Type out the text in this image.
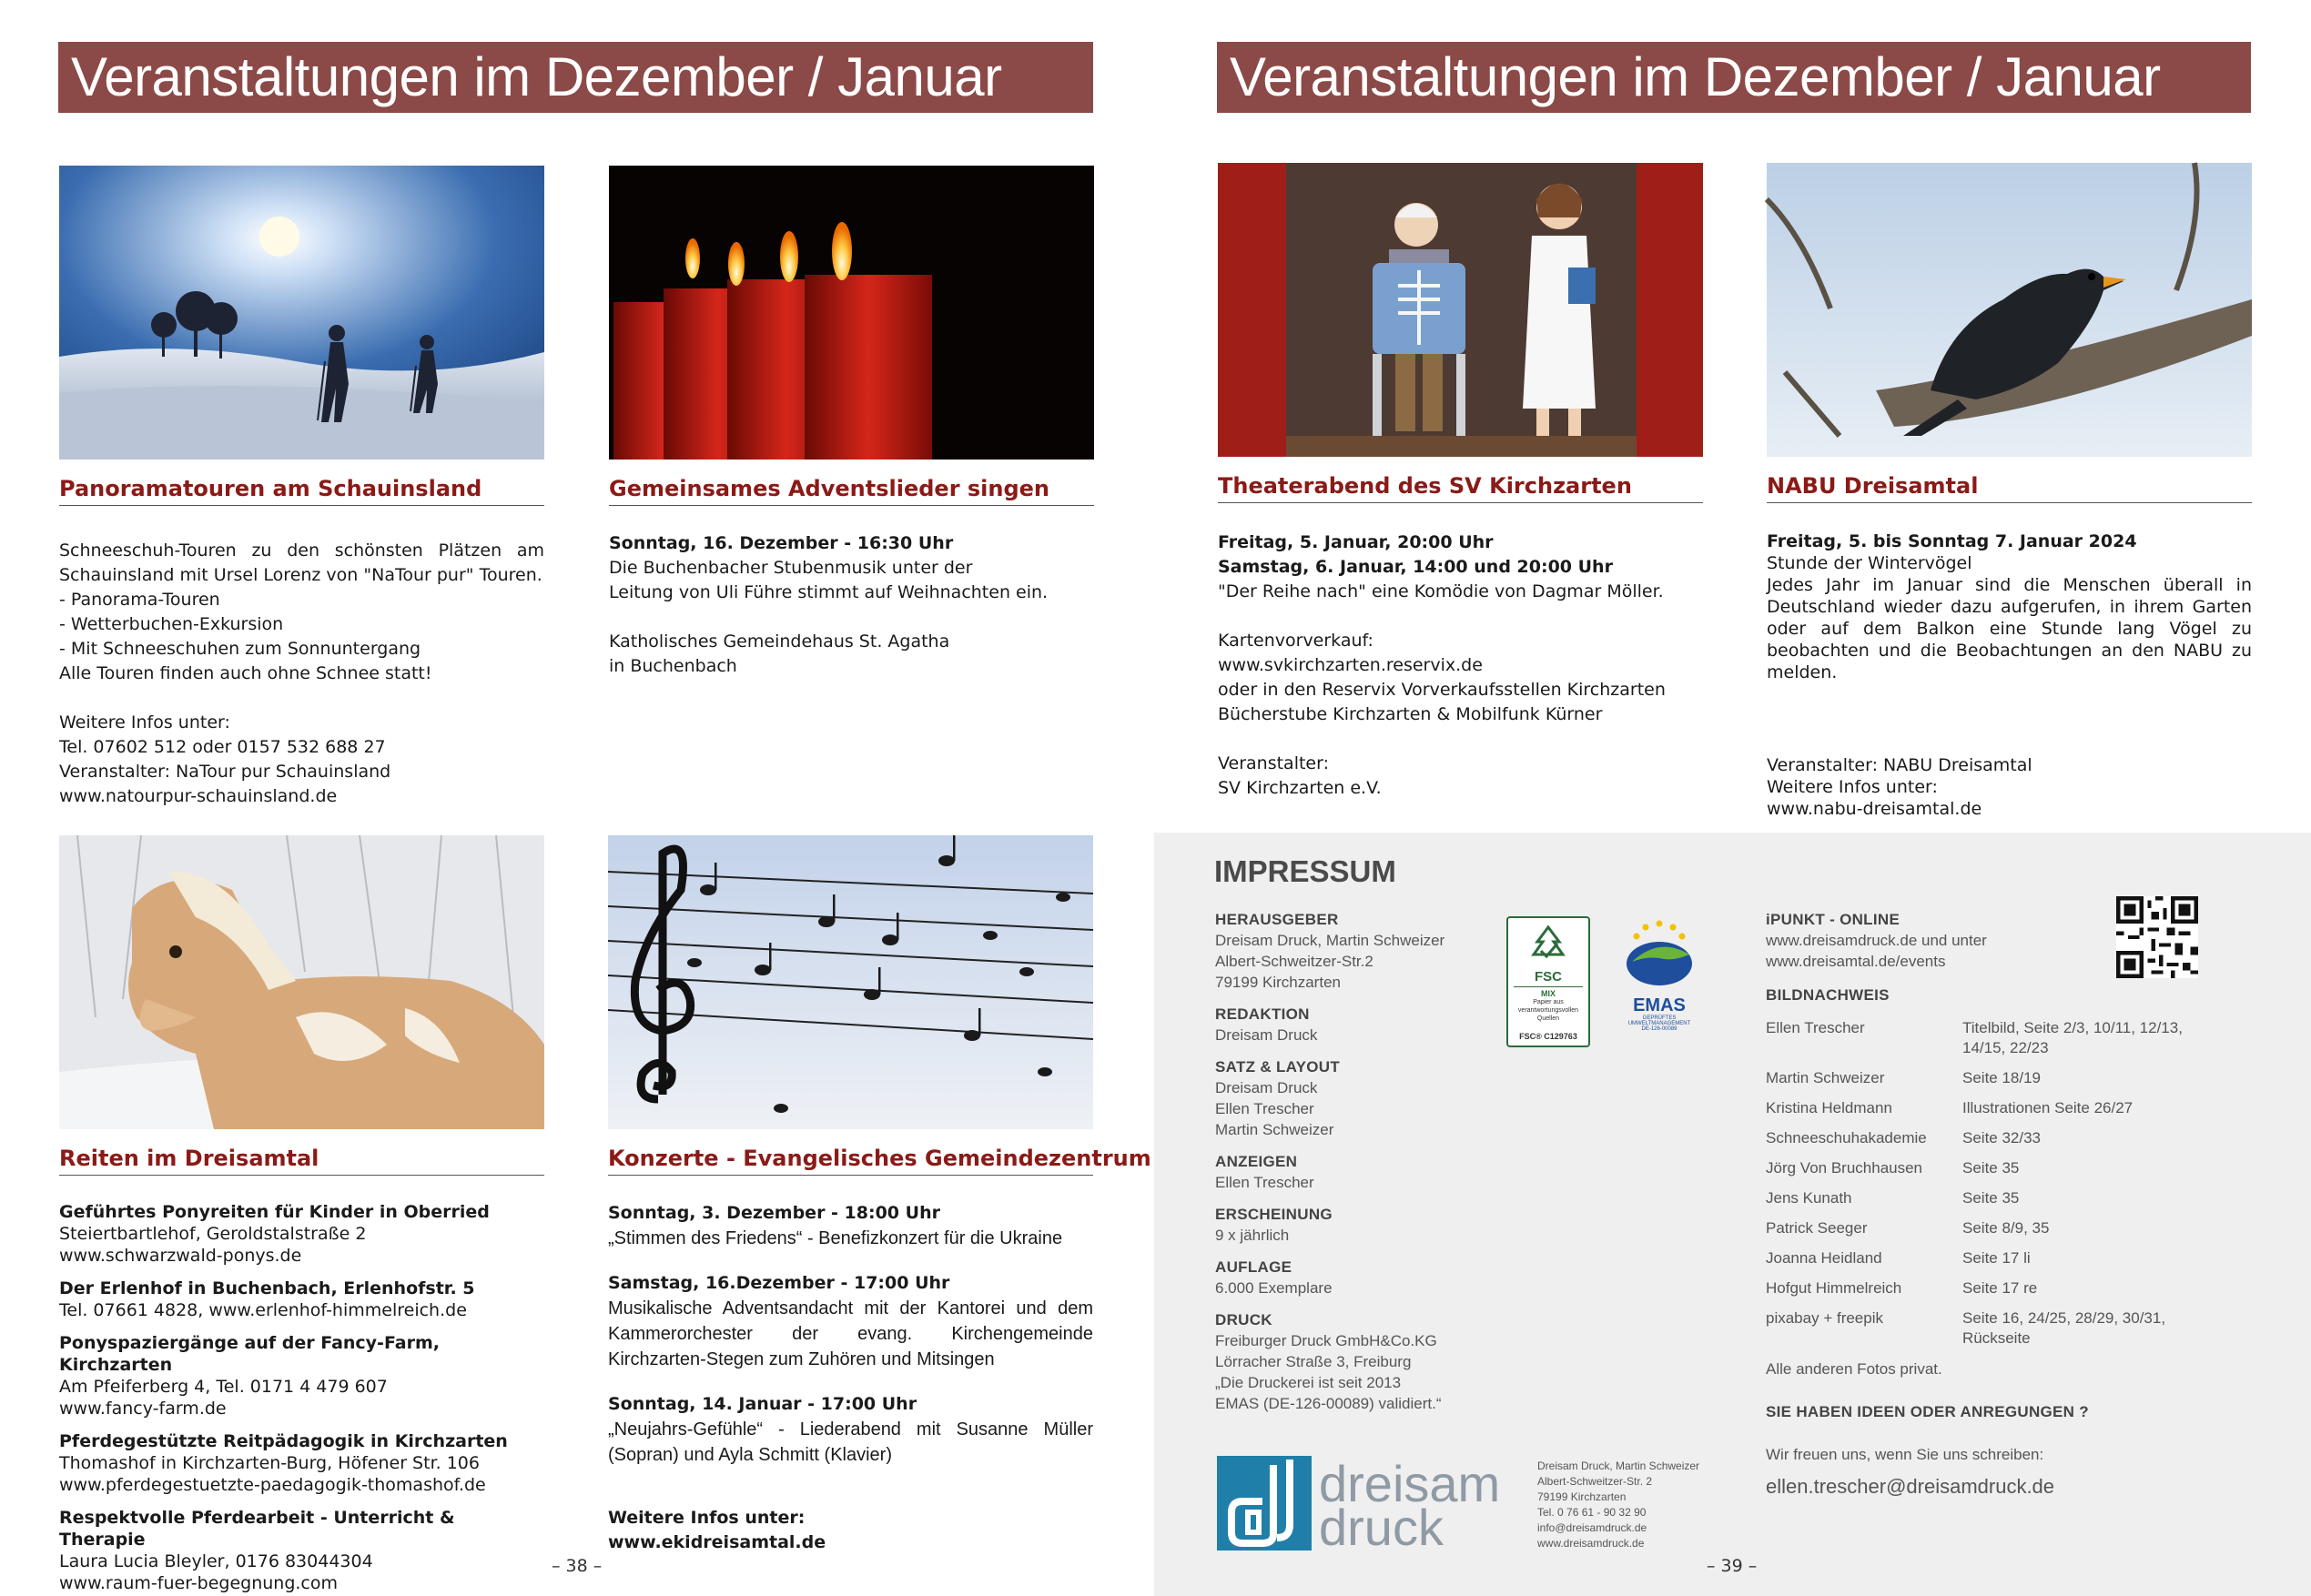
Veranstaltungen im Dezember / Januar
Panoramatouren am Schauinsland

Schneeschuh-Touren zu den schönsten Plätzen am Schauinsland mit Ursel Lorenz von "NaTour pur" Touren.

- Panorama-Touren

- Wetterbuchen-Exkursion

- Mit Schneeschuhen zum Sonnuntergang

Alle Touren finden auch ohne Schnee statt!

Weitere Infos unter:

Tel. 07602 512 oder 0157 532 688 27

Veranstalter: NaTour pur Schauinsland

www.natourpur-schauinsland.de

Gemeinsames Adventslieder singen

Sonntag, 16. Dezember - 16:30 Uhr

Die Buchenbacher Stubenmusik unter der

Leitung von Uli Führe stimmt auf Weihnachten ein.

Katholisches Gemeindehaus St. Agatha

in Buchenbach

Reiten im Dreisamtal

Geführtes Ponyreiten für Kinder in Oberried

Steiertbartlehof, Geroldstalstraße 2

www.schwarzwald-ponys.de

Der Erlenhof in Buchenbach, Erlenhofstr. 5

Tel. 07661 4828, www.erlenhof-himmelreich.de

Ponyspaziergänge auf der Fancy-Farm, Kirchzarten

Am Pfeiferberg 4, Tel. 0171 4 479 607

www.fancy-farm.de

Pferdegestützte Reitpädagogik in Kirchzarten

Thomashof in Kirchzarten-Burg, Höfener Str. 106

www.pferdegestuetzte-paedagogik-thomashof.de

Respektvolle Pferdearbeit - Unterricht & Therapie

Laura Lucia Bleyler, 0176 83044304

www.raum-fuer-begegnung.com

Konzerte - Evangelisches Gemeindezentrum

Sonntag, 3. Dezember - 18:00 Uhr

„Stimmen des Friedens“ - Benefizkonzert für die Ukraine

Samstag, 16.Dezember - 17:00 Uhr

Musikalische Adventsandacht mit der Kantorei und dem Kammerorchester der evang. Kirchengemeinde Kirchzarten-Stegen zum Zuhören und Mitsingen

Sonntag, 14. Januar - 17:00 Uhr

„Neujahrs-Gefühle“ - Liederabend mit Susanne Müller (Sopran) und Ayla Schmitt (Klavier)

Weitere Infos unter:

www.ekidreisamtal.de

– 38 –
Veranstaltungen im Dezember / Januar
Theaterabend des SV Kirchzarten

Freitag, 5. Januar, 20:00 Uhr

Samstag, 6. Januar, 14:00 und 20:00 Uhr

"Der Reihe nach" eine Komödie von Dagmar Möller.

Kartenvorverkauf:

www.svkirchzarten.reservix.de

oder in den Reservix Vorverkaufsstellen Kirchzarten

Bücherstube Kirchzarten & Mobilfunk Kürner

Veranstalter:

SV Kirchzarten e.V.

NABU Dreisamtal

Freitag, 5. bis Sonntag 7. Januar 2024

Stunde der Wintervögel

Jedes Jahr im Januar sind die Menschen überall in Deutschland wieder dazu aufgerufen, in ihrem Garten oder auf dem Balkon eine Stunde lang Vögel zu beobachten und die Beobachtungen an den NABU zu melden.

Veranstalter: NABU Dreisamtal

Weitere Infos unter:

www.nabu-dreisamtal.de

IMPRESSUM
HERAUSGEBER
Dreisam Druck, Martin Schweizer
Albert-Schweitzer-Str.2
79199 Kirchzarten
REDAKTION
Dreisam Druck
SATZ & LAYOUT
Dreisam Druck
Ellen Trescher
Martin Schweizer
ANZEIGEN
Ellen Trescher
ERSCHEINUNG
9 x jährlich
AUFLAGE
6.000 Exemplare
DRUCK
Freiburger Druck GmbH&Co.KG
Lörracher Straße 3, Freiburg
„Die Druckerei ist seit 2013
EMAS (DE-126-00089) validiert.“
FSC
MIX
Papier aus verantwortungsvollen Quellen
FSC® C129763
EMAS
GEPRÜFTES UMWELTMANAGEMENT
DE-126-00089
iPUNKT - ONLINE
www.dreisamdruck.de und unter
www.dreisamtal.de/events
BILDNACHWEIS
Ellen Trescher	Titelbild, Seite 2/3, 10/11, 12/13, 14/15, 22/23
Martin Schweizer	Seite 18/19
Kristina Heldmann	Illustrationen Seite 26/27
Schneeschuhakademie	Seite 32/33
Jörg Von Bruchhausen	Seite 35
Jens Kunath	Seite 35
Patrick Seeger	Seite 8/9, 35
Joanna Heidland	Seite 17 li
Hofgut Himmelreich	Seite 17 re
pixabay + freepik	Seite 16, 24/25, 28/29, 30/31, Rückseite
Alle anderen Fotos privat.
SIE HABEN IDEEN ODER ANREGUNGEN ?
Wir freuen uns, wenn Sie uns schreiben:
ellen.trescher@dreisamdruck.de
dreisam
druck
Dreisam Druck, Martin Schweizer
Albert-Schweitzer-Str. 2
79199 Kirchzarten
Tel. 0 76 61 - 90 32 90
info@dreisamdruck.de
www.dreisamdruck.de
– 39 –
